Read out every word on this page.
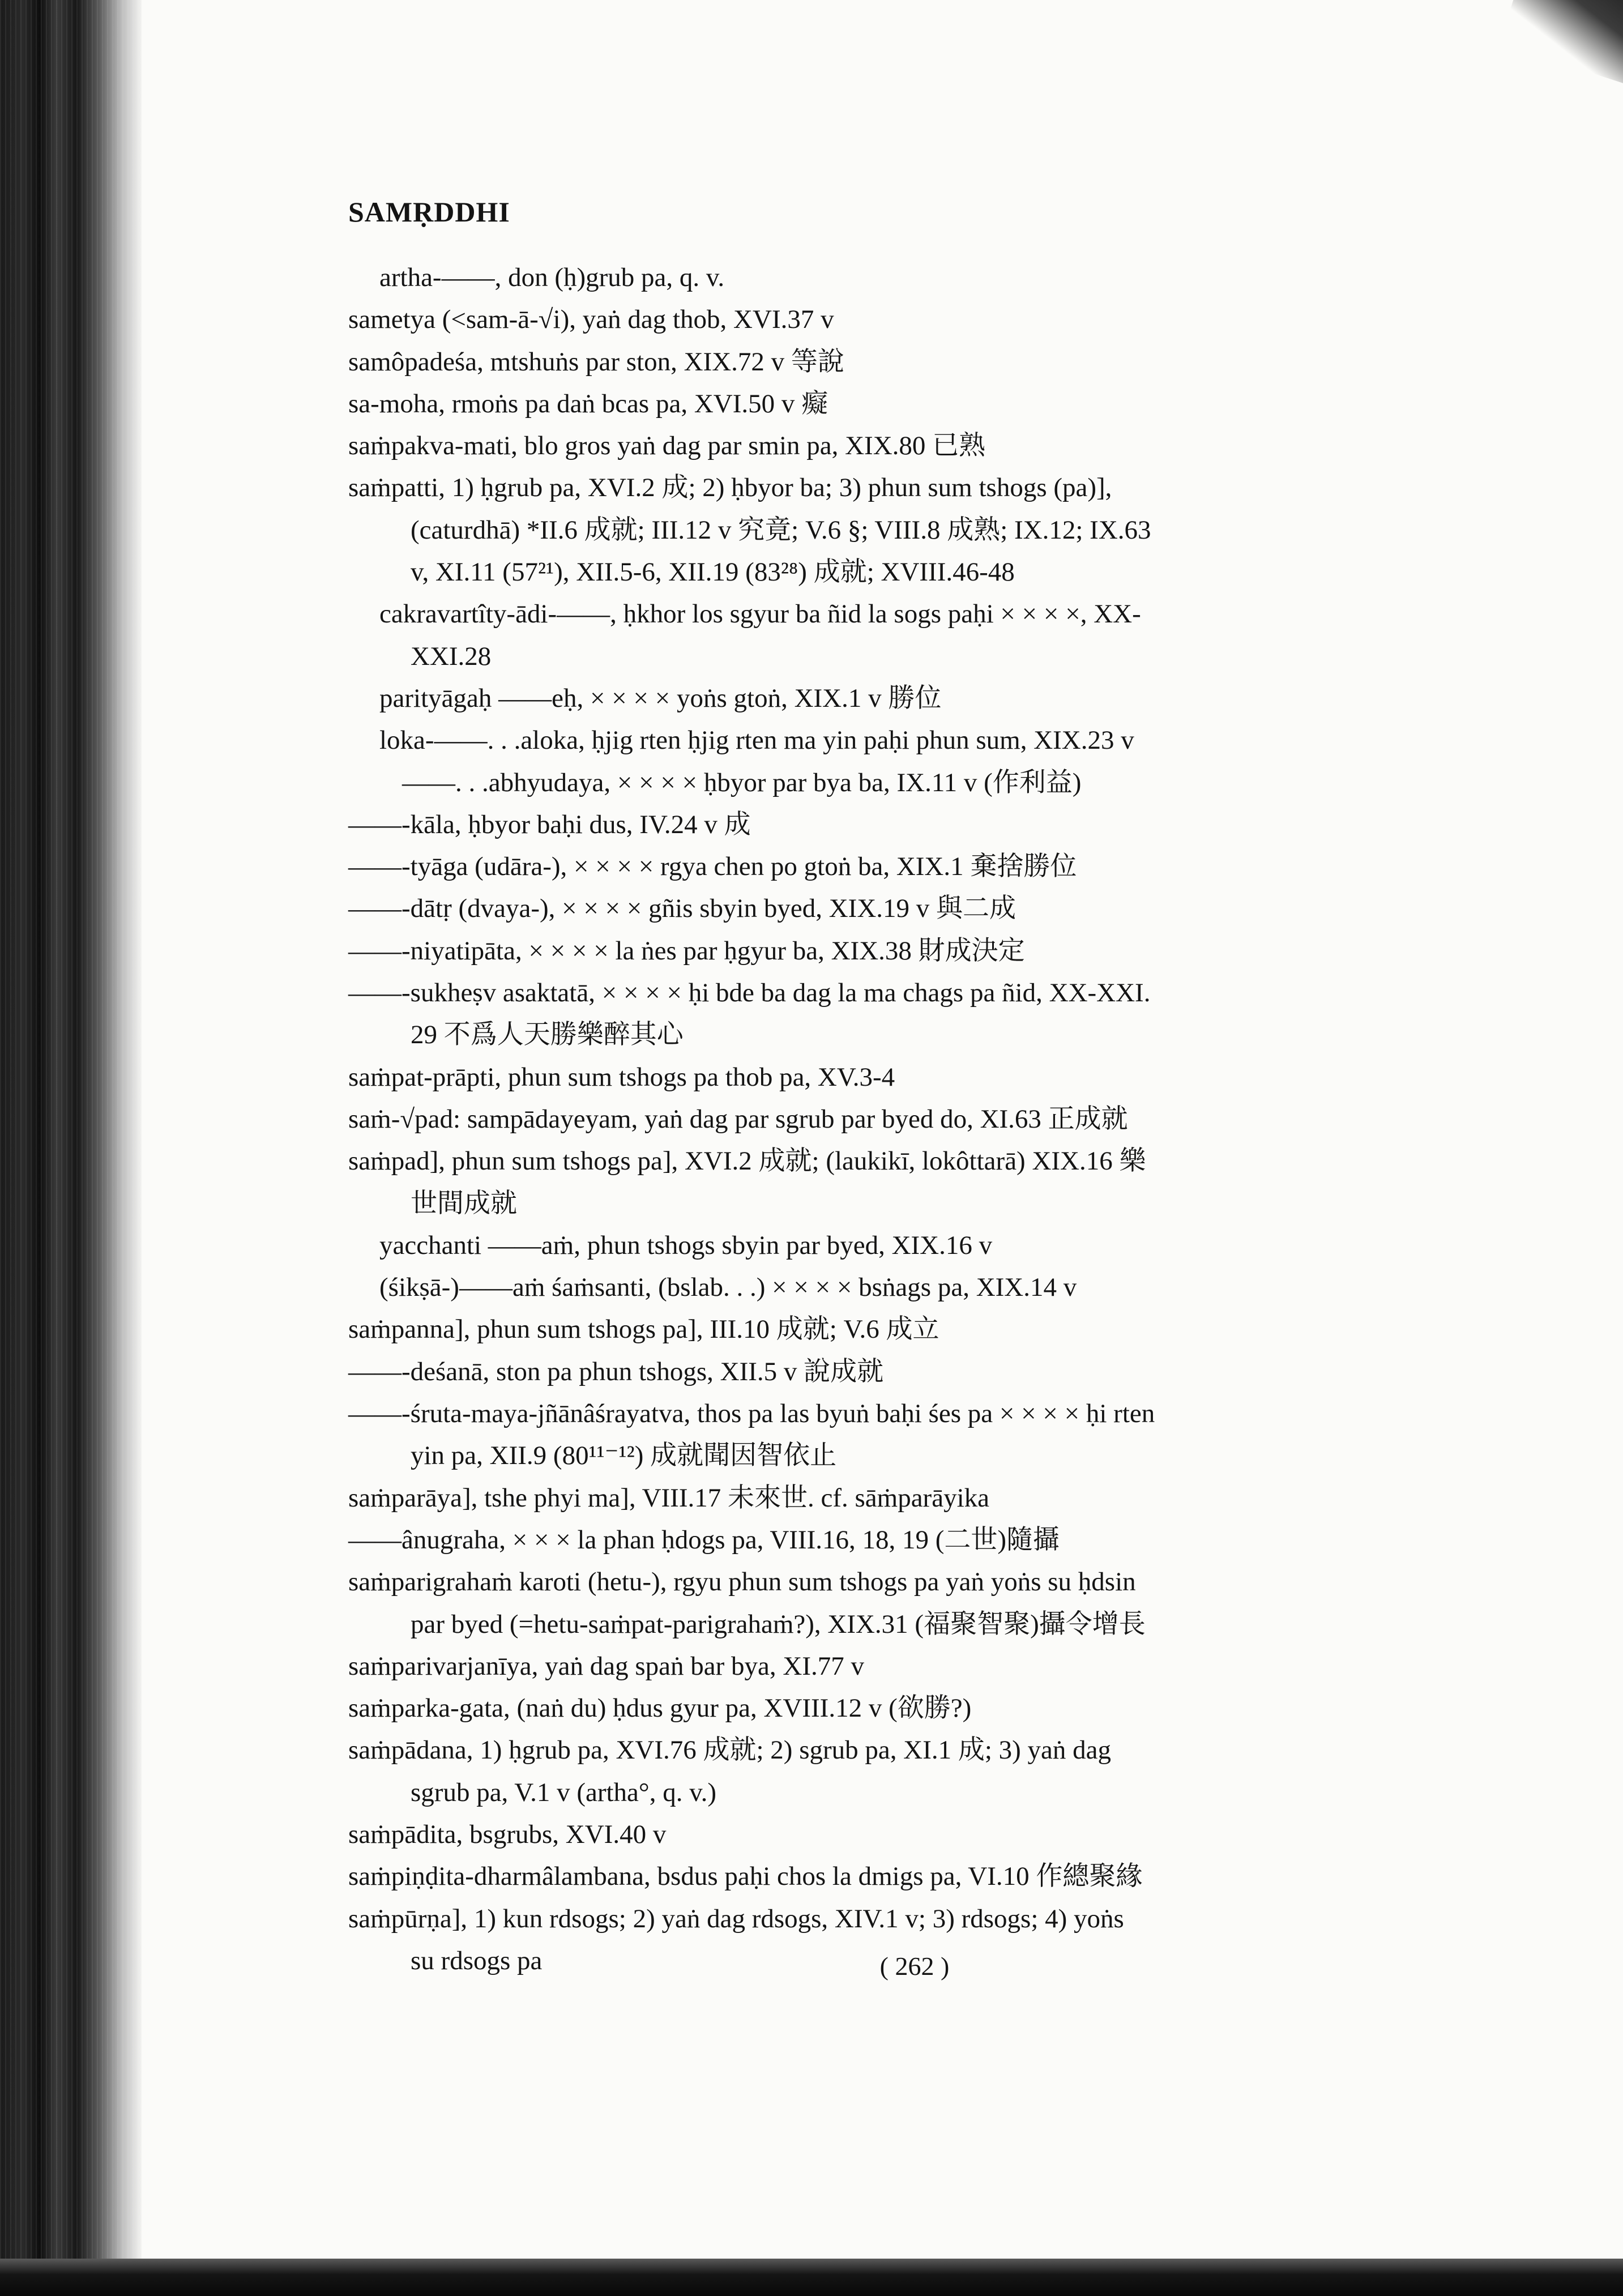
SAMṚDDHI
artha-——, don (ḥ)grub pa, q. v.
sametya (<sam-ā-√i), yaṅ dag thob, XVI.37 v
samôpadeśa, mtshuṅs par ston, XIX.72 v 等說
sa-moha, rmoṅs pa daṅ bcas pa, XVI.50 v 癡
saṁpakva-mati, blo gros yaṅ dag par smin pa, XIX.80 已熟
saṁpatti, 1) ḥgrub pa, XVI.2 成; 2) ḥbyor ba; 3) phun sum tshogs (pa)],
(caturdhā) *II.6 成就; III.12 v 究竟; V.6 §; VIII.8 成熟; IX.12; IX.63
v, XI.11 (57²¹), XII.5-6, XII.19 (83²⁸) 成就; XVIII.46-48
cakravartîty-ādi-——, ḥkhor los sgyur ba ñid la sogs paḥi × × × ×, XX-
XXI.28
parityāgaḥ ——eḥ, × × × × yoṅs gtoṅ, XIX.1 v 勝位
loka-——. . .aloka, ḥjig rten ḥjig rten ma yin paḥi phun sum, XIX.23 v
——. . .abhyudaya, × × × × ḥbyor par bya ba, IX.11 v (作利益)
——-kāla, ḥbyor baḥi dus, IV.24 v 成
——-tyāga (udāra-), × × × × rgya chen po gtoṅ ba, XIX.1 棄捨勝位
——-dātṛ (dvaya-), × × × × gñis sbyin byed, XIX.19 v 與二成
——-niyatipāta, × × × × la ṅes par ḥgyur ba, XIX.38 財成決定
——-sukheṣv asaktatā, × × × × ḥi bde ba dag la ma chags pa ñid, XX-XXI.
29 不爲人天勝樂醉其心
saṁpat-prāpti, phun sum tshogs pa thob pa, XV.3-4
saṁ-√pad: sampādayeyam, yaṅ dag par sgrub par byed do, XI.63 正成就
saṁpad], phun sum tshogs pa], XVI.2 成就; (laukikī, lokôttarā) XIX.16 樂
世間成就
yacchanti ——aṁ, phun tshogs sbyin par byed, XIX.16 v
(śikṣā-)——aṁ śaṁsanti, (bslab. . .) × × × × bsṅags pa, XIX.14 v
saṁpanna], phun sum tshogs pa], III.10 成就; V.6 成立
——-deśanā, ston pa phun tshogs, XII.5 v 說成就
——-śruta-maya-jñānâśrayatva, thos pa las byuṅ baḥi śes pa × × × × ḥi rten
yin pa, XII.9 (80¹¹⁻¹²) 成就聞因智依止
saṁparāya], tshe phyi ma], VIII.17 未來世. cf. sāṁparāyika
——ânugraha, × × × la phan ḥdogs pa, VIII.16, 18, 19 (二世)隨攝
saṁparigrahaṁ karoti (hetu-), rgyu phun sum tshogs pa yaṅ yoṅs su ḥdsin
par byed (=hetu-saṁpat-parigrahaṁ?), XIX.31 (福聚智聚)攝令增長
saṁparivarjanīya, yaṅ dag spaṅ bar bya, XI.77 v
saṁparka-gata, (naṅ du) ḥdus gyur pa, XVIII.12 v (欲勝?)
saṁpādana, 1) ḥgrub pa, XVI.76 成就; 2) sgrub pa, XI.1 成; 3) yaṅ dag
sgrub pa, V.1 v (artha°, q. v.)
saṁpādita, bsgrubs, XVI.40 v
saṁpiṇḍita-dharmâlambana, bsdus paḥi chos la dmigs pa, VI.10 作總聚緣
saṁpūrṇa], 1) kun rdsogs; 2) yaṅ dag rdsogs, XIV.1 v; 3) rdsogs; 4) yoṅs
su rdsogs pa	( 262 )
